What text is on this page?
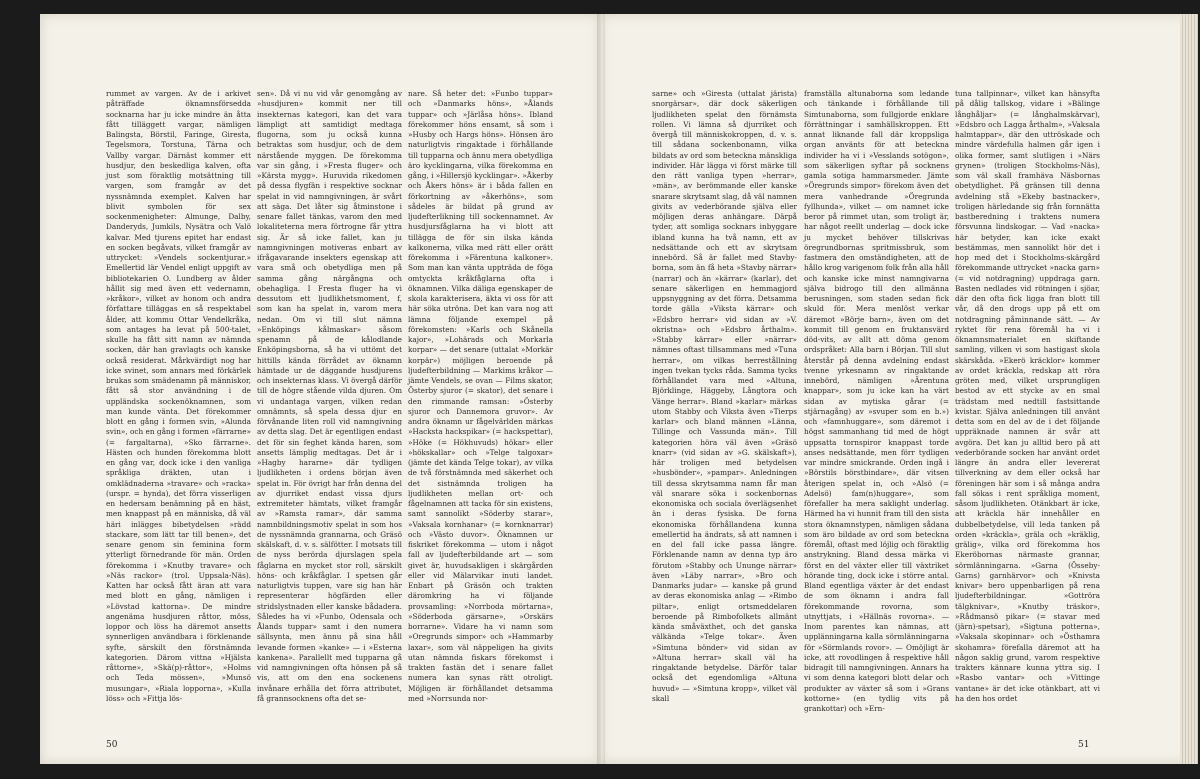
rummet av vargen. Av de i arkivet påträffade öknamnsförsedda socknarna har ju icke mindre än åtta fått tilläggett vargar, nämligen Balingsta, Börstil, Faringe, Giresta, Tegelsmora, Torstuna, Tärna och Vallby vargar. Därnäst kommer ett husdjur, den beskedliga kalven, ofta just som föraktlig motsättning till vargen, som framgår av det nyssnämnda exemplet. Kalven har blivit symbolen för sex sockenmenigheter: Almunge, Dalby, Danderyds, Jumkils, Nysätra och Valö kalvar. Med tjurens epitet har endast en socken begåvats, vilket framgår av uttrycket: »Vendels sockentjurar.» Emellertid lär Vendel enligt uppgift av bibliotekarien O. Lundberg av ålder hållit sig med även ett vedernamn, »kråkor», vilket av honom och andra författare tilläggas en så respektabel ålder, att kommu Ottar Vendelkråka, som antages ha levat på 500-talet, skulle ha fått sitt namn av nämnda socken, där han gravlagts och kanske också residerat. Mårkvärdigt nog har icke svinet, som annars med förkärlek brukas som smädenamn på människor, fått så stor användning i de uppländska sockenöknamnen, som man kunde vänta. Det förekommer blott en gång i formen svin, »Alunda svin», och en gång i formen »färrarne» (= fargaltarna), »Sko färrarne». Hästen och hunden förekomma blott en gång var, dock icke i den vanliga språkliga dräkten, utan i omklädnaderna »travare» och »racka» (urspr. = hynda), det förra visserligen en hedersam benämning på en häst, men knappast på en människa, då väl häri inlägges bibetydelsen »rädd stackare, som lätt tar till benen», det senare genom sin feminina form ytterligt förnedrande för män. Orden förekomma i »Knutby travare» och »Näs rackor» (trol. Uppsala-Näs). Katten har också fått äran att vara med blott en gång, nämligen i »Lövstad kattorna». De mindre angenäma husdjuren råttor, möss, loppor och löss ha däremot ansetts synnerligen användbara i förklenande syfte, särskilt den förstnämnda kategorien. Därom vittna »Hjälsta råttorne», »Skä(p)-råttor», »Holms och Teda mössen», »Munsö musungar», »Riala lopporna», »Kulla löss» och »Fittja lös-
sen». Då vi nu vid vår genomgång av »husdjuren» kommit ner till insekternas kategori, kan det vara lämpligt att samtidigt medtaga flugorna, som ju också kunna betraktas som husdjur, och de dem närstående myggen. De förekomma var sin gång, i »Fresta fluger» och »Kärsta mygg». Huruvida rikedomen på dessa flygfän i respektive socknar spelat in vid namngivningen, är svårt att säga. Det låter sig åtminstone i senare fallet tänkas, varom den med lokaliteterna mera förtrogne får yttra sig. Är så icke fallet, kan ju namngivningen motiveras enbart av ifrågavarande insekters egenskap att vara små och obetydliga men på samma gång närgångna och obehagliga. I Fresta fluger ha vi dessutom ett ljudlikhetsmoment, f, som kan ha spelat in, varom mera nedan. Om vi till slut nämna »Enköpings kålmaskar» såsom spenamn på de kålodlande Enköpingsborna, så ha vi uttömt det hittills kända förrådet av öknamn hämtade ur de däggande husdjurens och insekternas klass. Vi övergå därför till de högre stående vilda djuren. Om vi undantaga vargen, vilken redan omnämnts, så spela dessa djur en förvånande liten roll vid namngivning av detta slag. Det är egentligen endast det för sin feghet kända haren, som ansetts lämplig medtagas. Det är i »Hagby hararne» där tydligen ljudlikheten i ordens början även spelat in. För övrigt har från denna del av djurriket endast vissa djurs extremiteter hämtats, vilket framgår av »Ramsta ramar», där samma namnbildningsmotiv spelat in som hos de nyssnämnda grannarna, och Gräsö skälskaft, d. v. s. sälfötter. I motsats till de nyss berörda djurslagen spela fåglarna en mycket stor roll, särskilt höns- och kråkfåglar. I spetsen går naturligtvis tuppen, vare sig han här representerar högfärden eller stridslystnaden eller kanske bådadera. Således ha vi »Funbo, Odensala och Ålands tuppar» samt i den numera sällsynta, men ännu på sina håll levande formen »kanke» — i »Esterna kankena». Parallellt med tupparna gå vid namngivningen ofta hönsen på så vis, att om den ena sockenens invånare erhålla det förra attributet, få grannsocknens ofta det se-
nare. Så heter det: »Funbo tuppar» och »Danmarks höns», »Ålands tuppar» och »Järlåsa höns». Ibland förekommer höns ensamt, så som i »Husby och Hargs höns». Hönsen äro naturligtvis ringaktade i förhållande till tupparna och ännu mera obetydliga äro kycklingarna, vilka förekomma en gång, i »Hillersjö kycklingar». »Åkerby och Åkers höns» är i båda fallen en förkortning av »åkerhöns», som sådeles är bildat på grund av ljudefterlikning till sockennamnet. Av husdjursfåglarna ha vi blott att tilläggа de för sin ilska kända kalkonerna, vilka med rätt eller orätt förekomma i »Färentuna kalkoner». Som man kan vänta uppträda de föga omtyckta kråkfåglarna ofta i öknamnen. Vilka däliga egenskaper de skola karakterisera, äkta vi oss för att här söka utröna. Det kan vara nog att lämna följande exempel på förekomsten: »Karls och Skånella kajor», »Lohärads och Morkarla korpar» — det senare (uttalat »Morkär korpär») möjligen beroende på ljudefterbildning — Markims kråkor — jämte Vendels, se ovan — Films skator, Österby sjuror (= skator), det senare i den rimmande ramsan: »Österby sjuror och Dannemora gruvor». Av andra öknamn ur fågelvärlden märkas »Hacksta hackspikar» (= hackspettar), »Höke (= Hökhuvuds) hökar» eller »hökskallar» och »Telge talgoxar» (jämte det kända Telge tokar), av vilka de två förstnämnda med säkerhet och det sistnämnda troligen ha ljudlikheten mellan ort- och fågelnamnen att tacka för sin existens, samt sannolikt »Söderby starar», »Vaksala kornhanar» (= kornknarrar) och »Västo duvor». Öknamnen ur fiskriket förekomma — utom i något fall av ljudefterbildande art — som givet är, huvudsakligen i skärgården eller vid Mälarvikar inuti landet. Enbart på Gräsön och trakten däromkring ha vi följande provsamling: »Norrboda mörtarna», »Söderboda gärsarne», »Orskärs borrarne». Vidare ha vi namn som »Oregrunds simpor» och »Hammarby laxar», som väl näppeligen ha givits utan nämnda fiskars förekomst i trakten fastän det i senare fallet numera kan synas rätt otroligt. Möjligen är förhållandet detsamma med »Norrsunda nor-
50
sarne» och »Giresta (uttalat järista) snorgärsar», där dock säkerligen ljudlikheten spelat den förnämsta rollen. Vi lämna så djurriket och övergå till människokroppen, d. v. s. till sådana sockenbonamn, vilka bildats av ord som beteckna mänskliga individer. Här lägga vi först märke till den rätt vanliga typen »herrar», »män», av berömmande eller kanske snarare skrytsamt slag, då väl namnen givits av vederbörande själva eller möjligen deras anhängare. Därpå tyder, att somliga socknars inbyggare ibland kunna ha två namn, ett av nedsättande och ett av skrytsam innebörd. Så är fallet med Stavby-borna, som än få heta »Stavby närrar» (narrar) och än »kärrar» (karlar), det senare säkerligen en hemmagjord uppsnyggning av det förra. Detsamma torde gälla »Viksta kärrar» och »Edsbro herrar» vid sidan av »V. okristna» och »Edsbro årthalm». »Stabby kärrar» eller »närrar» nämnes oftast tillsammans med »Tuna herrar», om vilkas herrestållning ingen tvekan tycks råda. Samma tycks förhållandet vara med »Altuna, Björklinge, Häggeby, Långtora och Vänge herrar». Bland »karlar» märkas utom Stabby och Viksta även »Tierps karlar» och bland männen »Länna, Tillinge och Vassunda män». Till kategorien höra väl även »Gräsö knarr» (vid sidan av »G. skälskaft»), här troligen med betydelsen »husbönder», »pampar». Anledningen till dessa skrytsamma namn får man väl snarare söka i sockenbornas ekonomiska och sociala överlägsenhet än i deras fysiska. De forna ekonomiska förhållandena kunna emellertid ha ändrats, så att namnen i en del fall icke passa längre. Förklenande namn av denna typ äro förutom »Stabby och Ununge närrar» även »Läby narrar», »Bro och Danmarks judar» — kanske på grund av deras ekonomiska anlag — »Rimbo piltar», enligt ortsmeddelaren beroende på Rimbofolkets allmänt kända småväxthet, och det ganska välkända »Telge tokar». Även »Simtuna bönder» vid sidan av »Altuna herrar» skall väl ha ringaktande betydelse. Därför talar också det egendomliga »Altuna huvud» — »Simtuna kropp», vilket väl skall
framställa altunaborna som ledande och tänkande i förhållande till Simtunaborna, som fullgjorde enklare förrättningar i samhällskroppen. Ett annat liknande fall där kroppsliga organ använts för att beteckna individer ha vi i »Vesslands sotögon», som säkerligen syftar på socknens gamla sotiga hammarsmeder. Jämte »Öregrunds simpor» förekom även det mera vanhedrande »Öregrunda fyllhunda», vilket — om namnet icke beror på rimmet utan, som troligt är, har något reellt underlag — dock icke ju mycket behöver tillskrivas öregrundbornas spritmissbruk, som fastmera den omständigheten, att de hållo krog varigenom folk från alla håll och kanske icke minst namngivarna själva bidrogo till den allmänna berusningen, som staden sedan fick skuld för. Mera menlöst verkar däremot »Börje barn», även om det kommit till genom en fruktansvärd död-vits, av allt att döma genom ordspråket: Alla barn i Början. Till slut återstår på denna avdelning endast tvenne yrkesnamn av ringaktande innebörd, nämligen »Ärentuna knappar», som ju icke kan ha värt sidan av mytiska gårar (= stjärnagång) av »svuper som en b.») och »famnhuggare», som däremot i högst sammanhang tid med de högt uppsatta tornspiror knappast torde anses nedsättande, men förr tydligen var mindre smickrande. Orden ingå i »Börstils börstbindare», där vitsen återigen spelat in, och »Alsö (= Adelsö) fam(n)huggare», som förefaller ha mera saklight underlag. Härmed ha vi hunnit fram till den sista stora öknamnstypen, nämligen sådana som äro bildade av ord som beteckna föremål, oftast med löjlig och föraktlig anstrykning. Bland dessa märka vi först en del växter eller till växtriket hörande ting, dock icke i större antal. Bland egentliga växter är det endast de som öknamn i andra fall förekommande rovorna, som utnyttjats, i »Hällnäs rovorna». — Inom parentes kan nämnas, att upplänningarna kalla sörmlänningarna för »Sörmlands rovor». — Omöjligt är icke, att rovodlingen å respektive håll bidragit till namngivningen. Annars ha vi som denna kategori blott delar och produkter av växter så som i »Grans kottorne» (en tydlig vits på grankottar) och »Ern-
tuna tallpinnar», vilket kan hänsyfta på dålig tallskog, vidare i »Bälinge långhåljar» (= långhalmskärvar), »Edsbro och Lagga årthalm», »Vaksala halmtappar», där den uttröskade och mindre värdefulla halmen går igen i olika former, samt slutligen i »Närs grynen» (troligen Stockholms-Näs), som väl skall framhäva Näsbornas obetydlighet. På gränsen till denna avdelning stå »Ekeby bastnacker», troligen härledande sig från fornnätta bastberedning i traktens numera försvunna lindskogar. — Vad »nacka» här betyder, kan icke exakt bestämmas, men sannolikt hör det i hop med det i Stockholms-skärgård förekommande uttrycket »nacka garn» (= vid notdragning) uppdraga garn. Basten nedlades vid rötningen i sjöar, där den ofta fick ligga fran blott till vår, då den drogs upp på ett om notdragning påminnande sätt. — Av ryktet för rena föremål ha vi i öknamnsmaterialet en skiftande samling, vilken vi som hastigast skola skärskåda. »Ekerö kräcklor» kommer av ordet kräckla, redskap att röra gröten med, vilket ursprungligen bestod av ett stycke av en smal trädstam med nedtill fastsittande kvistar. Själva anledningen till använt detta som en del av de i det följande uppräknade namnen är svår att avgöra. Det kan ju alltid bero på att vederbörande socken har använt ordet längre än andra eller levererat tillverkning av dem eller också har föreningen här som i så många andra fall sökas i rent språkliga moment, såsom ljudlikheten. Otänkbart är icke, att kräckla här innehåller en dubbelbetydelse, vill leda tanken på orden »kräckla», gräla och »kräklig, grälig», vilka ord förekomma hos Ekeröbornas närmaste grannar, sörmlänningarna. »Garna (Össeby-Garns) garnhärvor» och »Knivsta knivar» bero uppenbarligen på rena ljudefterbildningar. »Gottröra tälgknivar», »Knutby träskor», »Rådmansö pikar» (= stavar med (järn)-spetsar), »Sigtuna potterna», »Vaksala skopinnar» och »Östhamra skohamra» förefalla däremot att ha någon saklig grund, varom respektive trakters kännare kunna yttra sig. I »Rasbo vantar» och »Vittinge vantane» är det icke otänkbart, att vi ha den hos ordet
51
